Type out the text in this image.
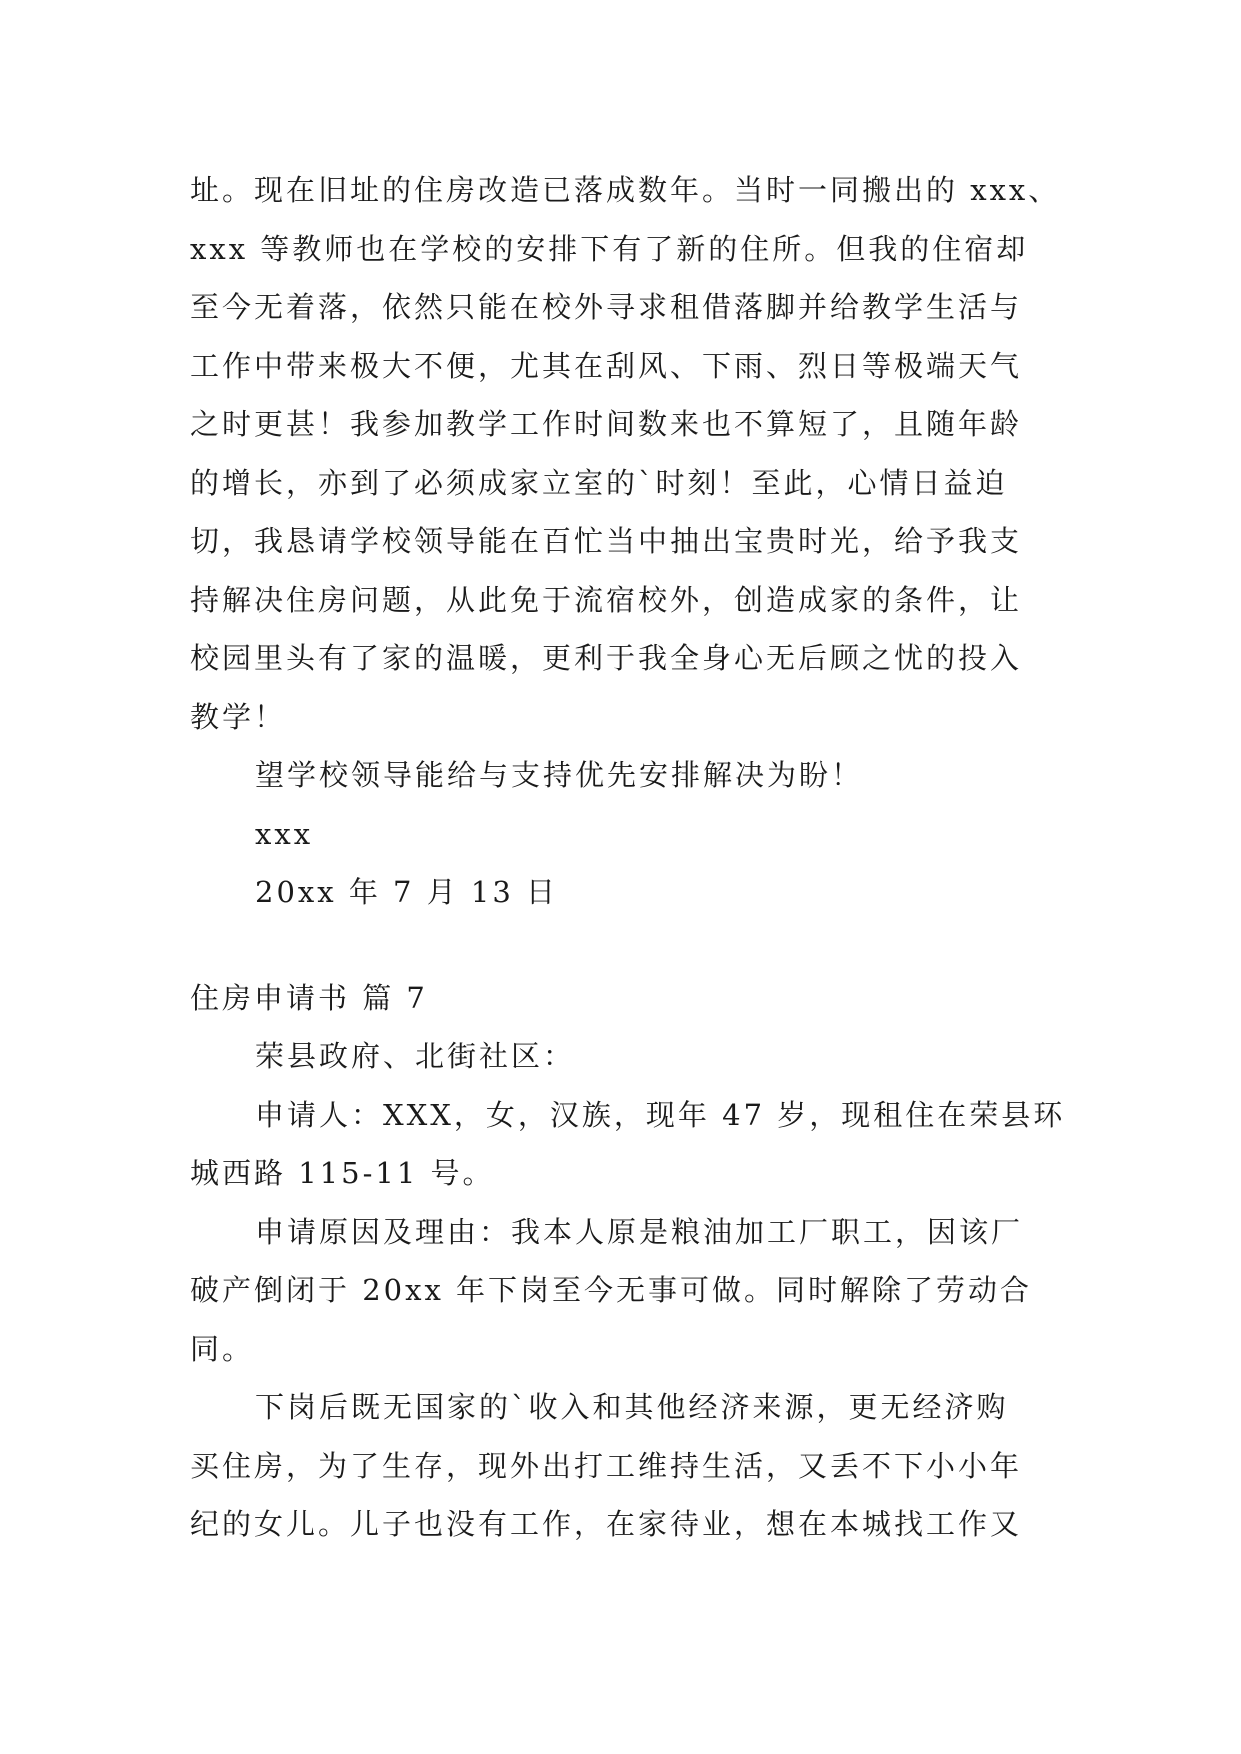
址。现在旧址的住房改造已落成数年。当时一同搬出的 xxx、

xxx 等教师也在学校的安排下有了新的住所。但我的住宿却

至今无着落，依然只能在校外寻求租借落脚并给教学生活与

工作中带来极大不便，尤其在刮风、下雨、烈日等极端天气

之时更甚！我参加教学工作时间数来也不算短了，且随年龄

的增长，亦到了必须成家立室的`时刻！至此，心情日益迫

切，我恳请学校领导能在百忙当中抽出宝贵时光，给予我支

持解决住房问题，从此免于流宿校外，创造成家的条件，让

校园里头有了家的温暖，更利于我全身心无后顾之忧的投入

教学！

望学校领导能给与支持优先安排解决为盼！

xxx

20xx 年 7 月 13 日

住房申请书 篇 7

荣县政府、北街社区：

申请人：XXX，女，汉族，现年 47 岁，现租住在荣县环

城西路 115-11 号。

申请原因及理由：我本人原是粮油加工厂职工，因该厂

破产倒闭于 20xx 年下岗至今无事可做。同时解除了劳动合

同。

下岗后既无国家的`收入和其他经济来源，更无经济购

买住房，为了生存，现外出打工维持生活，又丢不下小小年

纪的女儿。儿子也没有工作，在家待业，想在本城找工作又
